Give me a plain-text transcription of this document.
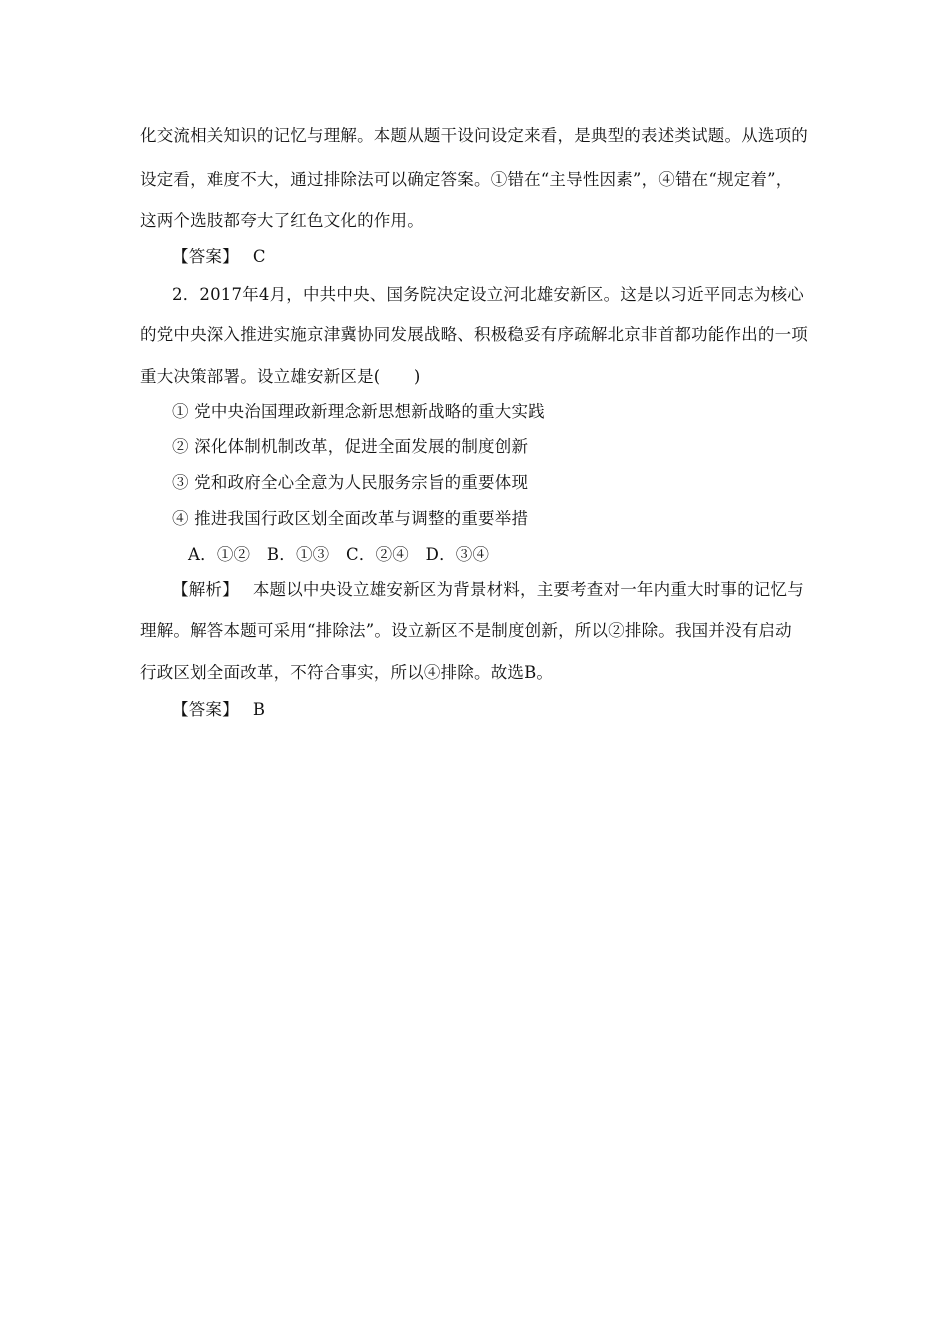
化交流相关知识的记忆与理解。本题从题干设问设定来看，是典型的表述类试题。从选项的
设定看，难度不大，通过排除法可以确定答案。①错在“主导性因素”，④错在“规定着”，
这两个选肢都夸大了红色文化的作用。
【答案】 C
2．2017年4月，中共中央、国务院决定设立河北雄安新区。这是以习近平同志为核心
的党中央深入推进实施京津冀协同发展战略、积极稳妥有序疏解北京非首都功能作出的一项
重大决策部署。设立雄安新区是(　　)
① 党中央治国理政新理念新思想新战略的重大实践
② 深化体制机制改革，促进全面发展的制度创新
③ 党和政府全心全意为人民服务宗旨的重要体现
④ 推进我国行政区划全面改革与调整的重要举措
A．①②　B．①③　C．②④　D．③④
【解析】 本题以中央设立雄安新区为背景材料，主要考查对一年内重大时事的记忆与
理解。解答本题可采用“排除法”。设立新区不是制度创新，所以②排除。我国并没有启动
行政区划全面改革，不符合事实，所以④排除。故选B。
【答案】 B
